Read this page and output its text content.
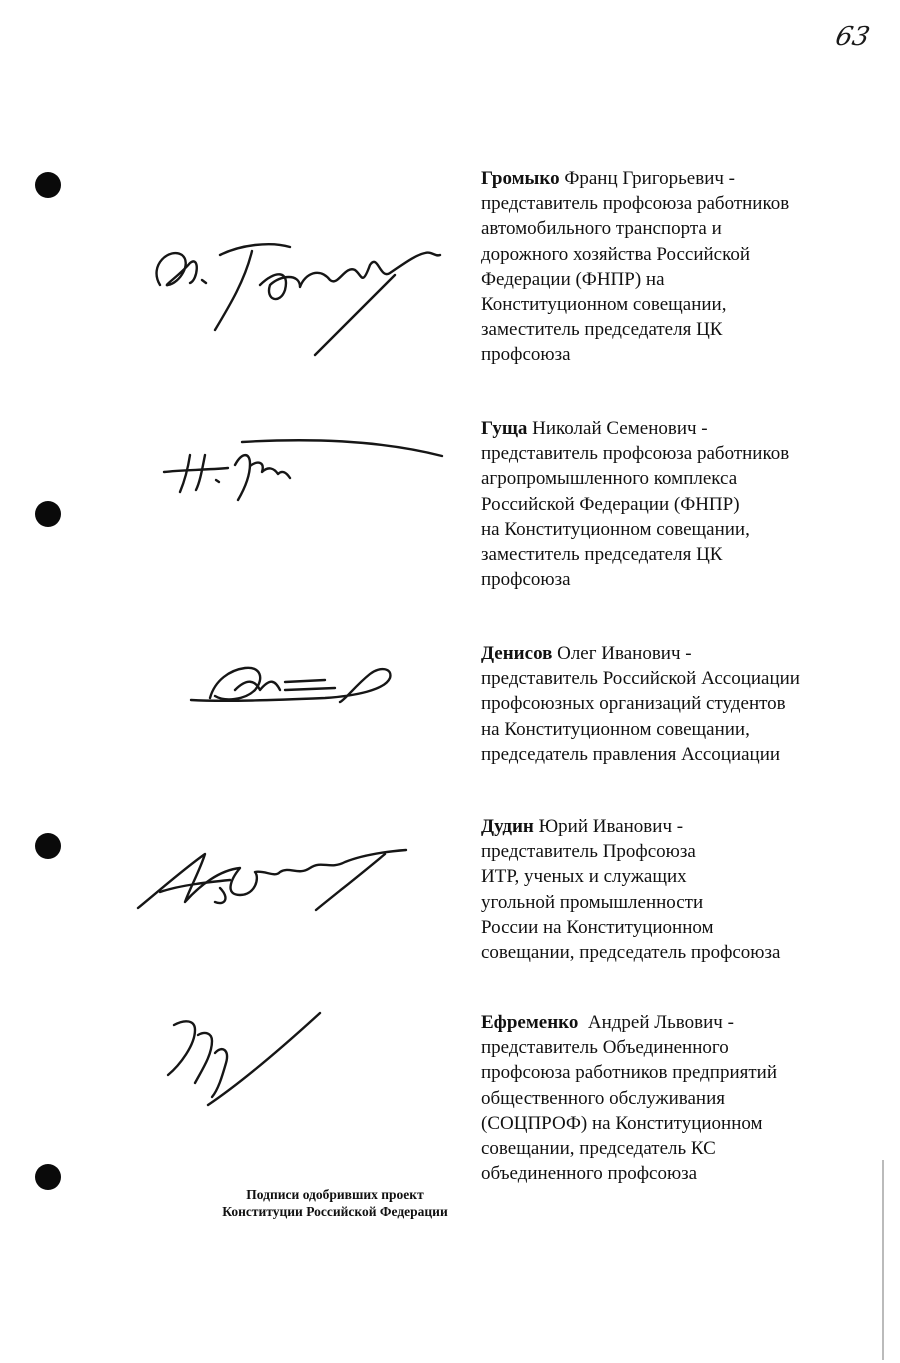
63
Громыко Франц Григорьевич -
представитель профсоюза работников
автомобильного транспорта и
дорожного хозяйства Российской
Федерации (ФНПР) на
Конституционном совещании,
заместитель председателя ЦК
профсоюза
Гуща Николай Семенович -
представитель профсоюза работников
агропромышленного комплекса
Российской Федерации (ФНПР)
на Конституционном совещании,
заместитель председателя ЦК
профсоюза
Денисов Олег Иванович -
представитель Российской Ассоциации
профсоюзных организаций студентов
на Конституционном совещании,
председатель правления Ассоциации
Дудин Юрий Иванович -
представитель Профсоюза
ИТР, ученых и служащих
угольной промышленности
России на Конституционном
совещании, председатель профсоюза
Ефременко  Андрей Львович -
представитель Объединенного
профсоюза работников предприятий
общественного обслуживания
(СОЦПРОФ) на Конституционном
совещании, председатель КС
объединенного профсоюза
Подписи одобривших проект
Конституции Российской Федерации
